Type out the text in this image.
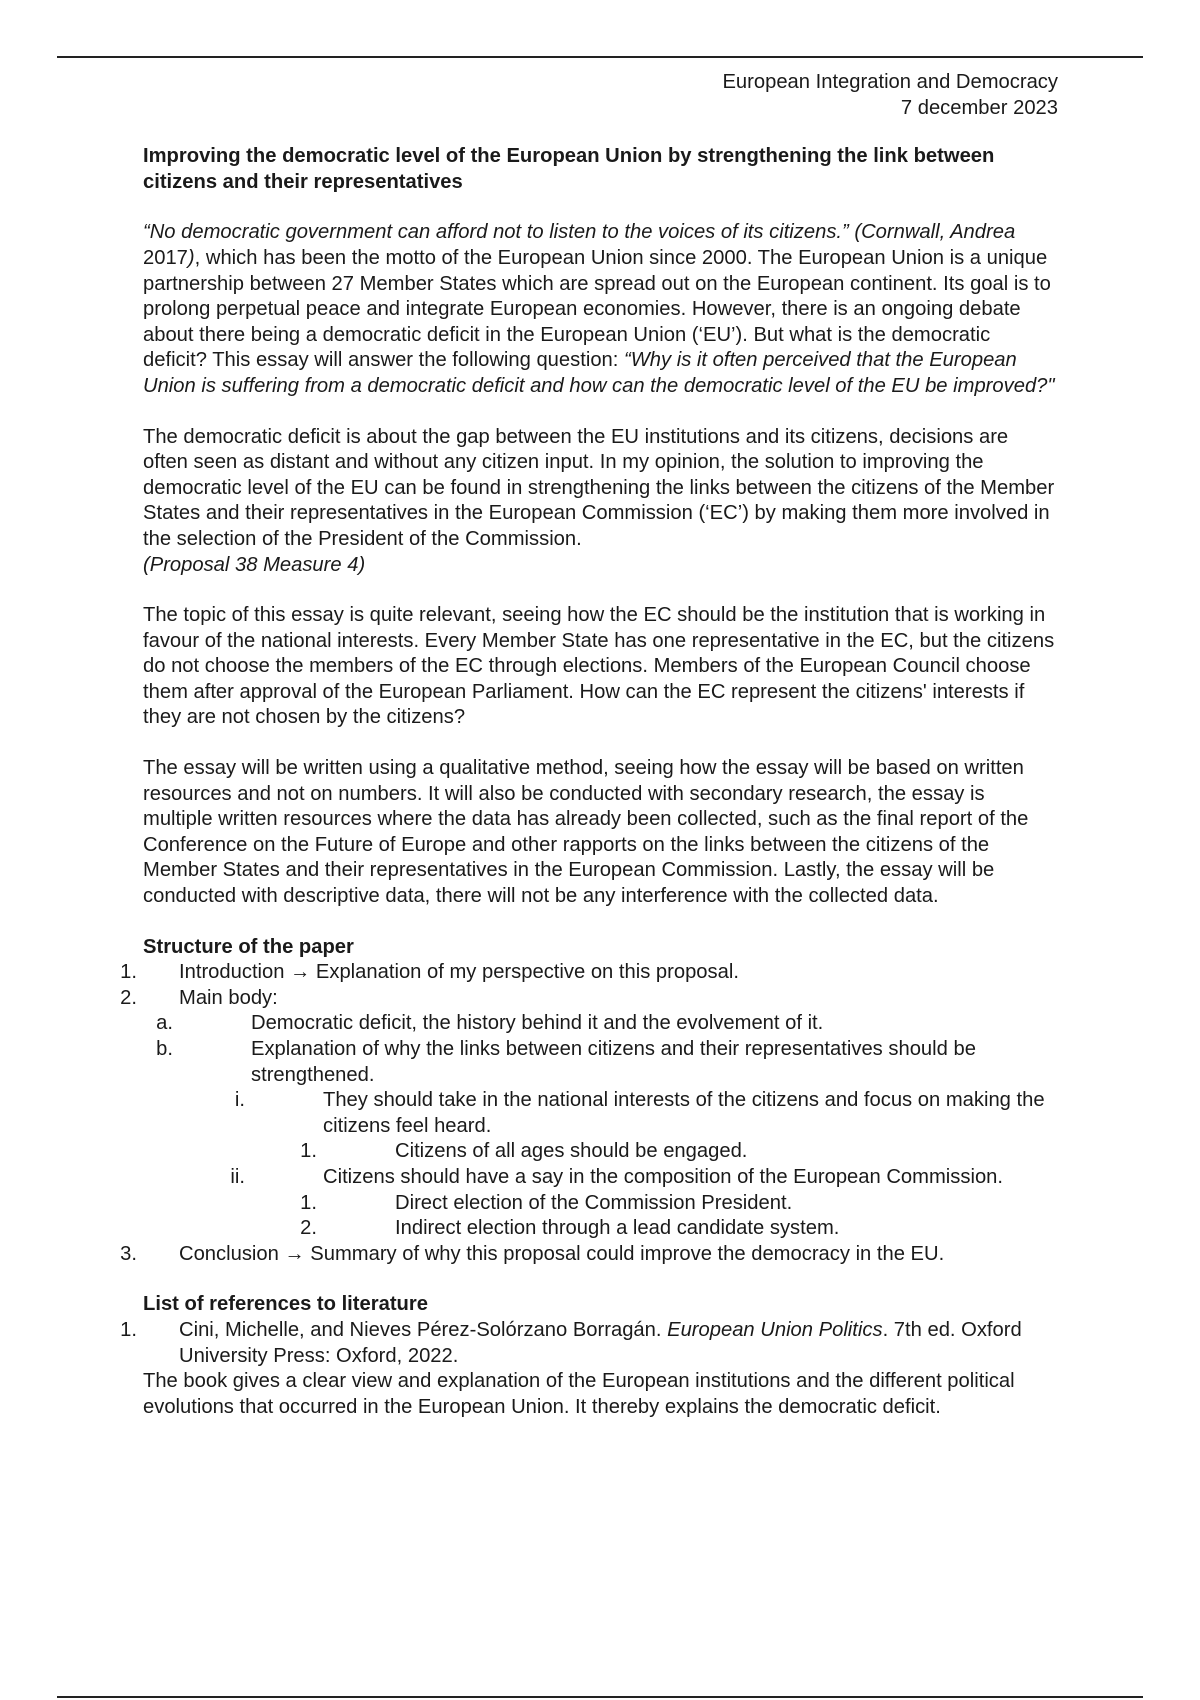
European Integration and Democracy
7 december 2023
Improving the democratic level of the European Union by strengthening the link between citizens and their representatives

“No democratic government can afford not to listen to the voices of its citizens.” (Cornwall, Andrea 2017), which has been the motto of the European Union since 2000. The European Union is a unique partnership between 27 Member States which are spread out on the European continent. Its goal is to prolong perpetual peace and integrate European economies. However, there is an ongoing debate about there being a democratic deficit in the European Union (‘EU’). But what is the democratic deficit? This essay will answer the following question: “Why is it often perceived that the European Union is suffering from a democratic deficit and how can the democratic level of the EU be improved?"

The democratic deficit is about the gap between the EU institutions and its citizens, decisions are often seen as distant and without any citizen input. In my opinion, the solution to improving the democratic level of the EU can be found in strengthening the links between the citizens of the Member States and their representatives in the European Commission (‘EC’) by making them more involved in the selection of the President of the Commission.
(Proposal 38 Measure 4)

The topic of this essay is quite relevant, seeing how the EC should be the institution that is working in favour of the national interests. Every Member State has one representative in the EC, but the citizens do not choose the members of the EC through elections. Members of the European Council choose them after approval of the European Parliament. How can the EC represent the citizens' interests if they are not chosen by the citizens?

The essay will be written using a qualitative method, seeing how the essay will be based on written resources and not on numbers. It will also be conducted with secondary research, the essay is multiple written resources where the data has already been collected, such as the final report of the Conference on the Future of Europe and other rapports on the links between the citizens of the Member States and their representatives in the European Commission. Lastly, the essay will be conducted with descriptive data, there will not be any interference with the collected data.

Structure of the paper
1. Introduction → Explanation of my perspective on this proposal.
2. Main body:
a.	Democratic deficit, the history behind it and the evolvement of it.
b.	Explanation of why the links between citizens and their representatives should be strengthened.
i.	They should take in the national interests of the citizens and focus on making the citizens feel heard.
1.	Citizens of all ages should be engaged.
ii.	Citizens should have a say in the composition of the European Commission.
1.	Direct election of the Commission President.
2.	Indirect election through a lead candidate system.
3. Conclusion → Summary of why this proposal could improve the democracy in the EU.
List of references to literature
1. Cini, Michelle, and Nieves Pérez-Solórzano Borragán. European Union Politics. 7th ed. Oxford University Press: Oxford, 2022.

The book gives a clear view and explanation of the European institutions and the different political evolutions that occurred in the European Union. It thereby explains the democratic deficit.
